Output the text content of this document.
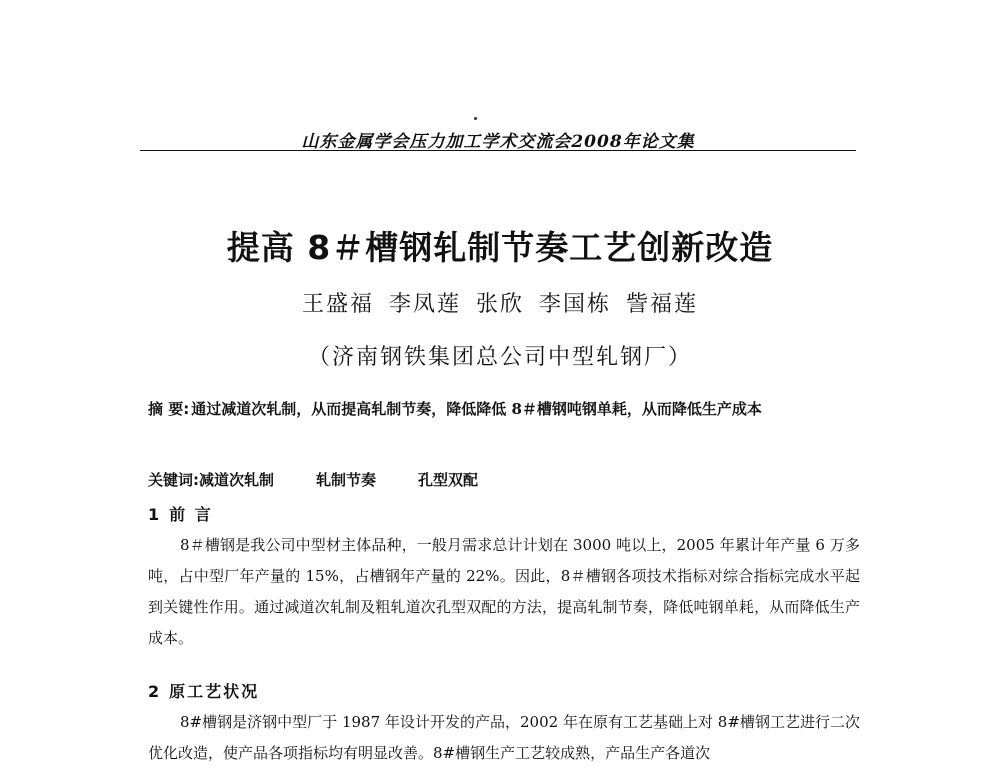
山东金属学会压力加工学术交流会2008年论文集
提高 8＃槽钢轧制节奏工艺创新改造
王盛福 李凤莲 张欣 李国栋 訾福莲
（济南钢铁集团总公司中型轧钢厂）
摘 要: 通过减道次轧制，从而提高轧制节奏，降低降低 8＃槽钢吨钢单耗，从而降低生产成本
关键词:减道次轧制	轧制节奏	孔型双配
1 前 言
8＃槽钢是我公司中型材主体品种，一般月需求总计计划在 3000 吨以上，2005 年累计年产量 6 万多吨，占中型厂年产量的 15%，占槽钢年产量的 22%。因此，8＃槽钢各项技术指标对综合指标完成水平起到关键性作用。通过减道次轧制及粗轧道次孔型双配的方法，提高轧制节奏，降低吨钢单耗，从而降低生产成本。
2 原工艺状况
8#槽钢是济钢中型厂于 1987 年设计开发的产品，2002 年在原有工艺基础上对 8#槽钢工艺进行二次优化改造，使产品各项指标均有明显改善。8#槽钢生产工艺较成熟，产品生产各道次
